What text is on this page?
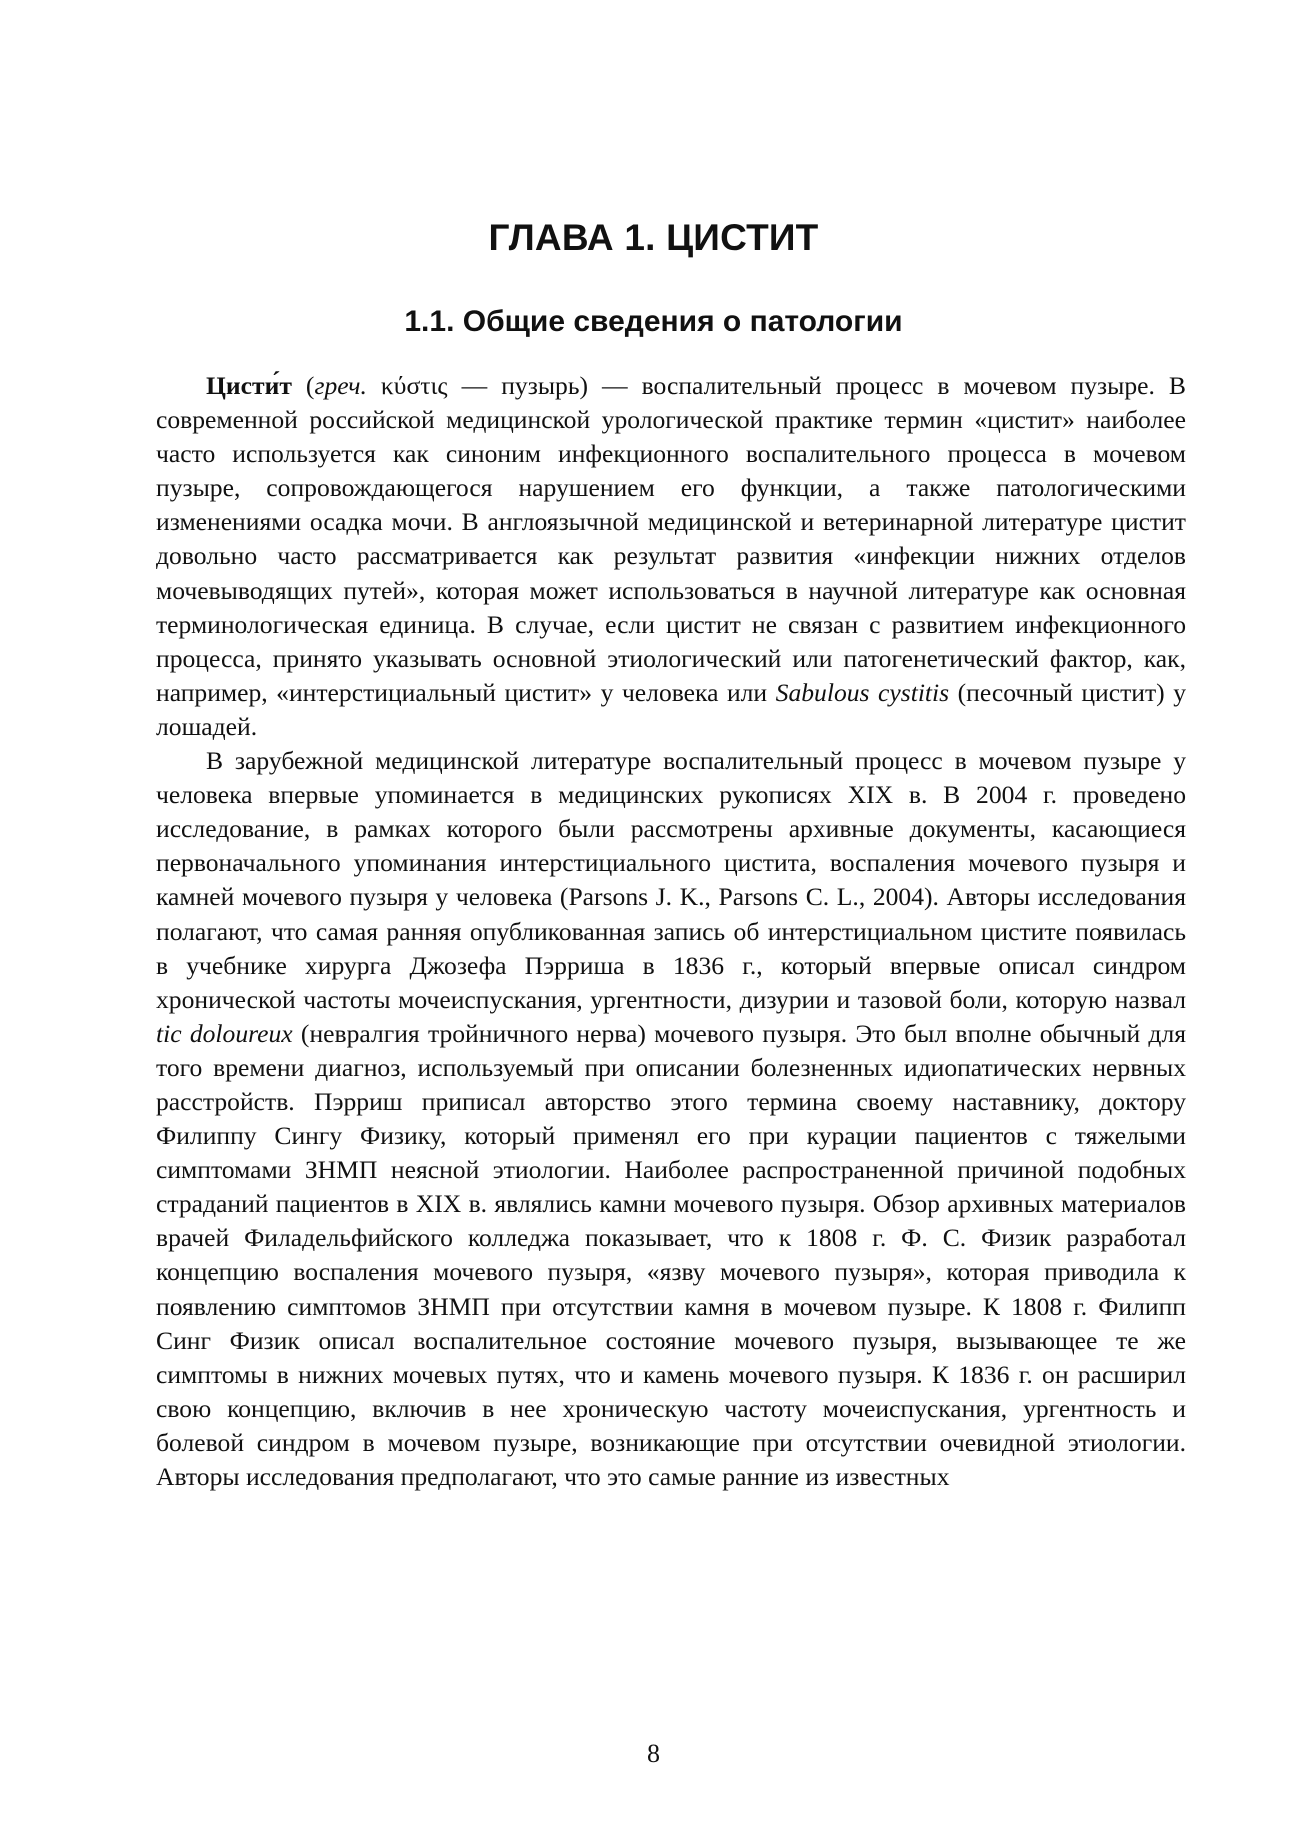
ГЛАВА 1. ЦИСТИТ
1.1. Общие сведения о патологии

Цисти́т (греч. κύστις — пузырь) — воспалительный процесс в мочевом пузыре. В современной российской медицинской урологической практике термин «цистит» наиболее часто используется как синоним инфекционного воспалительного процесса в мочевом пузыре, сопровождающегося нарушением его функции, а также патологическими изменениями осадка мочи. В англоязычной медицинской и ветеринарной литературе цистит довольно часто рассматривается как результат развития «инфекции нижних отделов мочевыводящих путей», которая может использоваться в научной литературе как основная терминологическая единица. В случае, если цистит не связан с развитием инфекционного процесса, принято указывать основной этиологический или патогенетический фактор, как, например, «интерстициальный цистит» у человека или Sabulous cystitis (песочный цистит) у лошадей.

В зарубежной медицинской литературе воспалительный процесс в мочевом пузыре у человека впервые упоминается в медицинских рукописях XIX в. В 2004 г. проведено исследование, в рамках которого были рассмотрены архивные документы, касающиеся первоначального упоминания интерстициального цистита, воспаления мочевого пузыря и камней мочевого пузыря у человека (Parsons J. K., Parsons C. L., 2004). Авторы исследования полагают, что самая ранняя опубликованная запись об интерстициальном цистите появилась в учебнике хирурга Джозефа Пэрриша в 1836 г., который впервые описал синдром хронической частоты мочеиспускания, ургентности, дизурии и тазовой боли, которую назвал tic doloureux (невралгия тройничного нерва) мочевого пузыря. Это был вполне обычный для того времени диагноз, используемый при описании болезненных идиопатических нервных расстройств. Пэрриш приписал авторство этого термина своему наставнику, доктору Филиппу Сингу Физику, который применял его при курации пациентов с тяжелыми симптомами ЗНМП неясной этиологии. Наиболее распространенной причиной подобных страданий пациентов в XIX в. являлись камни мочевого пузыря. Обзор архивных материалов врачей Филадельфийского колледжа показывает, что к 1808 г. Ф. С. Физик разработал концепцию воспаления мочевого пузыря, «язву мочевого пузыря», которая приводила к появлению симптомов ЗНМП при отсутствии камня в мочевом пузыре. К 1808 г. Филипп Синг Физик описал воспалительное состояние мочевого пузыря, вызывающее те же симптомы в нижних мочевых путях, что и камень мочевого пузыря. К 1836 г. он расширил свою концепцию, включив в нее хроническую частоту мочеиспускания, ургентность и болевой синдром в мочевом пузыре, возникающие при отсутствии очевидной этиологии. Авторы исследования предполагают, что это самые ранние из известных

8
